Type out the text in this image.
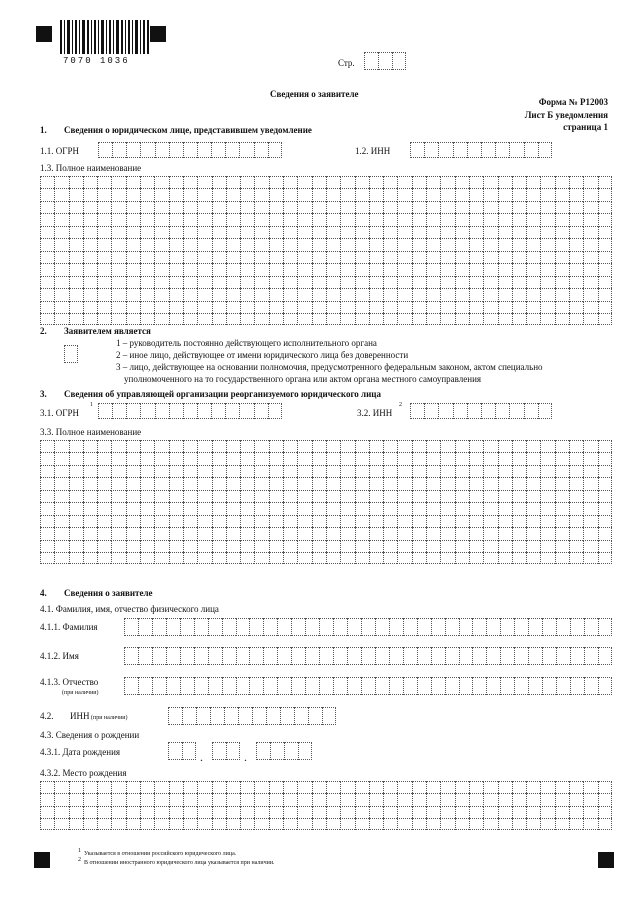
7070 1036	Стр.
Сведения о заявителе
Форма № Р12003
Лист Б уведомления
страница 1
1. Сведения о юридическом лице, представившем уведомление
1.1. ОГРН	1.2. ИНН
1.3. Полное наименование
2. Заявителем является
1 – руководитель постоянно действующего исполнительного органа
2 – иное лицо, действующее от имени юридического лица без доверенности
3 – лицо, действующее на основании полномочия, предусмотренного федеральным законом, актом специально
уполномоченного на то государственного органа или актом органа местного самоуправления
3. Сведения об управляющей организации реорганизуемого юридического лица
3.1. ОГРН
1
3.2. ИНН
2
3.3. Полное наименование
4. Сведения о заявителе
4.1. Фамилия, имя, отчество физического лица
4.1.1. Фамилия
4.1.2. Имя
4.1.3. Отчество
(при наличии)
4.2. ИНН (при наличии)
4.3. Сведения о рождении
4.3.1. Дата рождения	.	.
4.3.2. Место рождения
1 Указывается в отношении российского юридического лица.
2 В отношении иностранного юридического лица указывается при наличии.
